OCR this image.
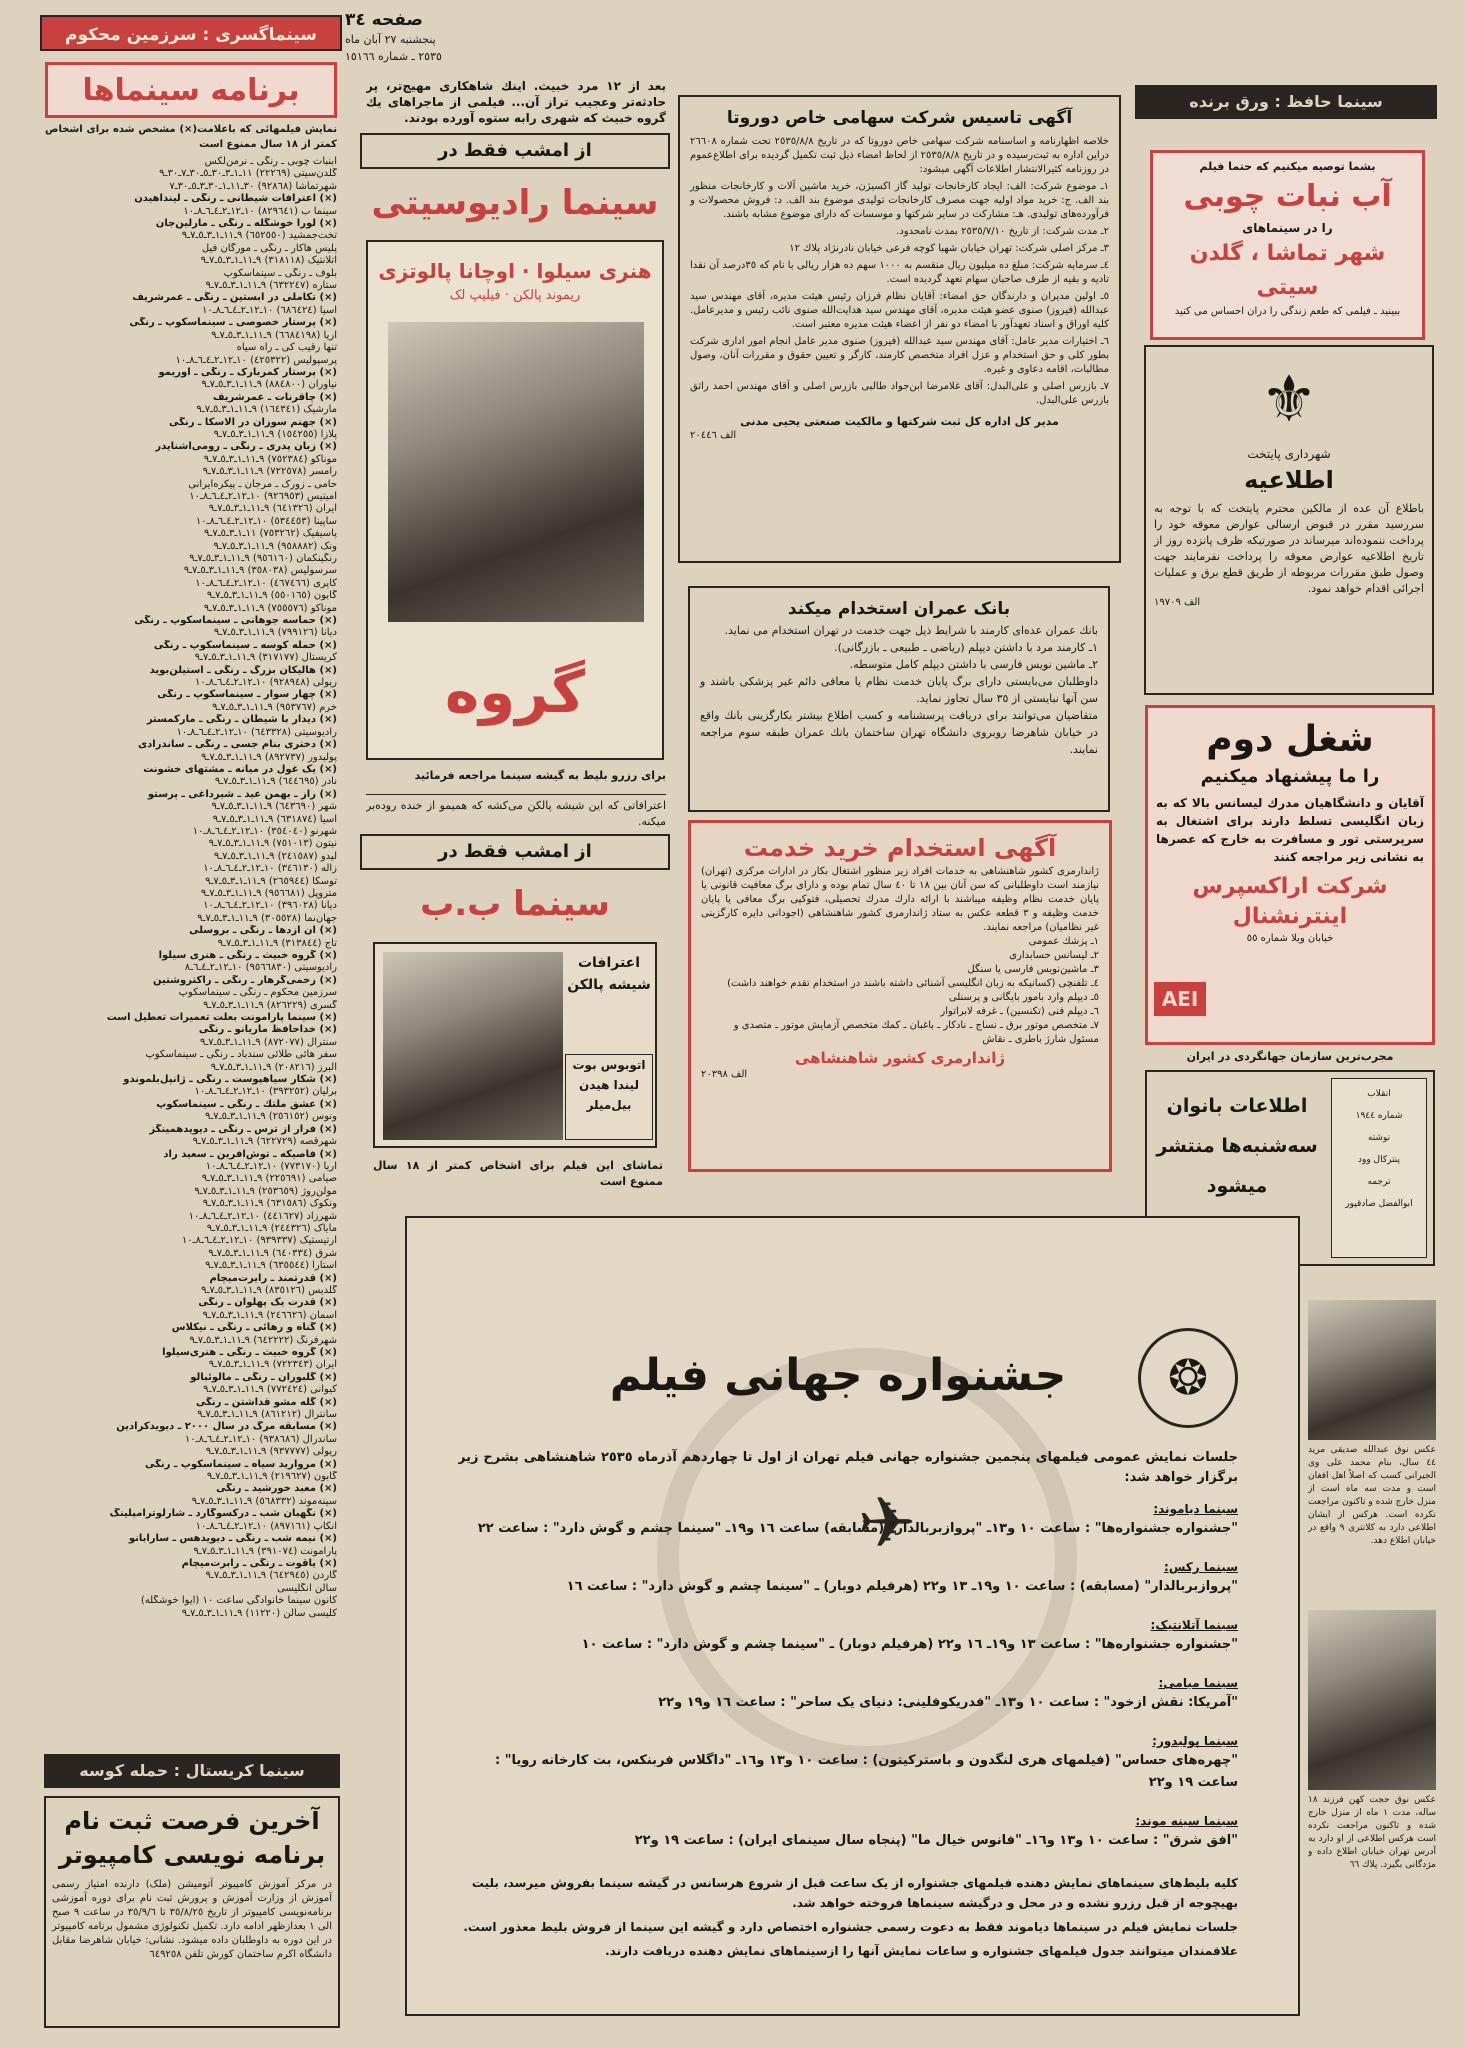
سینماگسری : سرزمین محکوم
برنامه سینماها
نمایش فیلمهائی که باعلامت(×) مشخص شده برای اشخاص کمتر از ١٨ سال ممنوع است
آبنبات چوبی ـ رنگی ـ نرمن‌لکس
گلدن‌سیتی (٢٢٢٦٩) ١١ـ١ـ٣ـ٣٠ـ٥ـ٣٠ـ٧ـ٣٠ـ٩
شهرتماشا (٩٢٨٦٨) ٣٠ـ١١ـ١ـ٣٠ـ٣ـ٥ـ٣٠ـ٧
(×) اعترافات شیطانی ـ رنگی ـ لینداهیدن
سینما ب (٨٢٩٦٤١) ١٠ـ١٢ـ٢ـ٤ـ٦ـ٨ـ١٠
(×) لورا خوشگله ـ رنگی ـ مارلین‌جان
تخت‌جمشید (٦٥٢٥٥٠) ٩ـ١١ـ١ـ٣ـ٥ـ٧ـ٩
پلیس هاکار ـ رنگی ـ مورگان فیل
آتلانتیک (٣١٨١١٨) ٩ـ١١ـ١ـ٣ـ٥ـ٧ـ٩
بلوف ـ رنگی ـ سینماسکوپ
ستاره (٦٣٢٢٤٧) ٩ـ١١ـ١ـ٣ـ٥ـ٧ـ٩
(×) تکاملی در ابستین ـ رنگی ـ عمرشریف
آسیا (٦٨٦٤٢٤) ١٠ـ١٢ـ٢ـ٤ـ٦ـ٨ـ١٠
(×) پرستار خصوصی ـ سینماسکوپ ـ رنگی
آریا (٦٦٨٤١٩٨) ٩ـ١١ـ١ـ٣ـ٥ـ٧ـ٩
تنها رقیب کی ـ راه سیاه
پرسپولیس (٤٢٥٣٢٢) ١٠ـ١٢ـ٢ـ٤ـ٦ـ٨ـ١٠
(×) پرستار کمربارک ـ رنگی ـ اوریمو
نیاوران (٨٨٤٨٠٠) ٩ـ١١ـ١ـ٣ـ٥ـ٧ـ٩
(×) چاقرنات ـ عمرشریف
مارشیک (١٦٤٣٤١) ٩ـ١١ـ١ـ٣ـ٥ـ٧ـ٩
(×) جهنم سوزان در آلاسکا ـ رنگی
پلازا (١٥٤٢٥٥) ٩ـ١١ـ١ـ٣ـ٥ـ٧ـ٩
(×) زبان پدری ـ رنگی ـ رومی‌اشنایدر
موناکو (٧٥٢٣٨٤) ٩ـ١١ـ١ـ٣ـ٥ـ٧ـ٩
رامسر (٧٢٢٥٧٨) ٩ـ١١ـ١ـ٣ـ٥ـ٧ـ٩
حامی ـ زورک ـ مرجان ـ پیکره‌ایرانی
آمیتیس (٩٢٦٩٥٣) ١٠ـ١٢ـ٢ـ٤ـ٦ـ٨ـ١٠
ایران (٦٤١٣٢٦) ٩ـ١١ـ١ـ٣ـ٥ـ٧ـ٩
ساپینا (٥٣٤٤٥٣) ١٠ـ١٢ـ٢ـ٤ـ٦ـ٨ـ١٠
پاسیفیک (٧٥٣٢٦٢) ١١ـ١ـ٣ـ٥ـ٧ـ٩
ونک (٩٥٨٨٨٢) ٩ـ١١ـ١ـ٣ـ٥ـ٧ـ٩
رنگینکمان (٩٥٦١٦٠) ٩ـ١١ـ١ـ٣ـ٥ـ٧ـ٩
سرسولیس (٣٥٨٠٣٨) ٩ـ١١ـ١ـ٣ـ٥ـ٧ـ٩
کاپری (٤٦٧٤٦٦) ١٠ـ١٢ـ٢ـ٤ـ٦ـ٨ـ١٠
گابون (٥٥٠١٦٥) ٩ـ١١ـ١ـ٣ـ٥ـ٧ـ٩
موناکو (٧٥٥٥٧٦) ٩ـ١١ـ١ـ٣ـ٥ـ٧ـ٩
(×) حماسه جوهانی ـ سینماسکوپ ـ رنگی
دیانا (٧٩٩١٢٦) ٩ـ١١ـ١ـ٣ـ٥ـ٧ـ٩
(×) حمله کوسه ـ سینماسکوپ ـ رنگی
کریستال (٣١٧١٧٧) ٩ـ١١ـ١ـ٣ـ٥ـ٧ـ٩
(×) هالیکان بزرگ ـ رنگی ـ استیلن‌بوید
ریولی (٩٢٨٩٤٨) ١٠ـ١٢ـ٢ـ٤ـ٦ـ٨ـ١٠
(×) چهار سوار ـ سینماسکوپ ـ رنگی
خرم (٩٥٣٧٦٧) ٩ـ١١ـ١ـ٣ـ٥ـ٧ـ٩
(×) دیدار با شیطان ـ رنگی ـ مارکمستر
رادیوسیتی (٦٤٣٣٢٨) ١٠ـ١٢ـ٢ـ٤ـ٦ـ٨ـ١٠
(×) دختری بنام جسی ـ رنگی ـ ساندرادی
پولیدور (٨٩٢٧٣٧) ٩ـ١١ـ١ـ٣ـ٥ـ٧ـ٩
(×) یک غول در میانه ـ مشتهای خشونت
نادر (٦٤٤٦٩٥) ٩ـ١١ـ١ـ٣ـ٥ـ٧ـ٩
(×) راز ـ بهمن عید ـ شیرداغی ـ پرستو
شهر (٦٤٣٦٩٠) ٩ـ١١ـ١ـ٣ـ٥ـ٧ـ٩
آسیا (٦٣١٨٧٤) ٩ـ١١ـ١ـ٣ـ٥ـ٧ـ٩
شهرنو (٣٥٤٠٤٠) ١٠ـ١٢ـ٢ـ٤ـ٦ـ٨ـ١٠
نیتون (٧٥١٠١٣) ٩ـ١١ـ١ـ٣ـ٥ـ٧ـ٩
لیدو (٢٤١٥٨٧) ٩ـ١١ـ١ـ٣ـ٥ـ٧ـ٩
زاله (٣٤٦١٣٠) ١٠ـ١٢ـ٢ـ٤ـ٦ـ٨ـ١٠
توسکا (٢٦٥٩٤٤) ٩ـ١١ـ١ـ٣ـ٥ـ٧ـ٩
متروپل (٩٥٦٦٨١) ٩ـ١١ـ١ـ٣ـ٥ـ٧ـ٩
دیانا (٣٩٦٠٢٨) ١٠ـ١٢ـ٢ـ٤ـ٦ـ٨ـ١٠
جهان‌نما (٣٠٥٥٢٨) ٩ـ١١ـ١ـ٣ـ٥ـ٧ـ٩
(×) آن ازدها ـ رنگی ـ بروسلی
تاج (٣١٣٨٤٤) ٩ـ١١ـ١ـ٣ـ٥ـ٧ـ٩
(×) گروه خبیث ـ رنگی ـ هنری سیلوا
رادیوسیتی (٩٥٦٦٨٣٠) ١٠ـ١٢ـ٢ـ٤ـ٦ـ٨
(×) زخمی‌گرهار ـ رنگی ـ راکتروشتین
سرزمین محکوم ـ رنگی ـ سینماسکوپ
گسری (٨٢٦٢٢٩) ٩ـ١١ـ١ـ٣ـ٥ـ٧ـ٩
(×) سینما پارامونت بعلت تعمیرات تعطیل است
(×) خداحافظ ماریانو ـ رنگی
سنترال (٨٧٢٠٧٧) ٩ـ١١ـ١ـ٣ـ٥ـ٧ـ٩
سفر هائی طلائی سندباد ـ رنگی ـ سینماسکوپ
البرز (٢٠٨٢١٦) ٩ـ١١ـ١ـ٣ـ٥ـ٧ـ٩
(×) شکار سیاهپوست ـ رنگی ـ ژانپل‌بلموندو
برلیان (٣٩٣٢٥٢) ١٠ـ١٢ـ٢ـ٤ـ٦ـ٨ـ١٠
(×) عشق ملتك ـ رنگی ـ سینماسکوپ
ونوس (٢٥٦١٥٢) ٩ـ١١ـ١ـ٣ـ٥ـ٧ـ٩
(×) فرار از ترس ـ رنگی ـ دیویدهمینگز
شهرقصه (٦٢٢٧٢٩) ٩ـ١١ـ١ـ٣ـ٥ـ٧ـ٩
(×) فاصیکه ـ توش‌آفرین ـ سعید راد
آریا (٧٧٣١٧٠) ١٠ـ١٢ـ٢ـ٤ـ٦ـ٨ـ١٠
صیامی (٢٢٥٦٩١) ٩ـ١١ـ١ـ٣ـ٥ـ٧ـ٩
مولن‌روژ (٢٥٣٦٥٩) ٩ـ١١ـ١ـ٣ـ٥ـ٧ـ٩
ونکوک (٦٣١٥٨٦) ٩ـ١١ـ١ـ٣ـ٥ـ٧ـ٩
شهرزاد (٤٤١٦٢٧) ١٠ـ١٢ـ٢ـ٤ـ٦ـ٨ـ١٠
مایاک (٢٤٤٣٢٦) ٩ـ١١ـ١ـ٣ـ٥ـ٧ـ٩
آرتیستیک (٩٣٩٣٣٧) ١٠ـ١٢ـ٢ـ٤ـ٦ـ٨ـ١٠
شرق (٦٤٠٣٣٤) ٩ـ١١ـ١ـ٣ـ٥ـ٧ـ٩
آستارا (٦٣٥٥٤٤) ٩ـ١١ـ١ـ٣ـ٥ـ٧ـ٩
(×) قدرتمند ـ رایرت‌میچام
گلدیس (٨٣٥١٢٦) ٩ـ١١ـ١ـ٣ـ٥ـ٧ـ٩
(×) قدرت یک پهلوان ـ رنگی
آسمان (٢٤٦٦٢٦) ٩ـ١١ـ١ـ٣ـ٥ـ٧ـ٩
(×) گناه و رهائی ـ رنگی ـ نیکلاس
شهرفرنگ (٦٤٢٢٢٢) ٩ـ١١ـ١ـ٣ـ٥ـ٧ـ٩
(×) گروه خبیث ـ رنگی ـ هنری‌سیلوا
ایران (٧٢٢٣٤٣) ٩ـ١١ـ١ـ٣ـ٥ـ٧ـ٩
(×) گلبوران ـ رنگی ـ مالوئبالو
کیوانی (٧٧٢٤٢٤) ٩ـ١١ـ١ـ٣ـ٥ـ٧ـ٩
(×) گله مشو قداشتن ـ رنگی
سانترال (٨٦١٢١٢) ٩ـ١١ـ١ـ٣ـ٥ـ٧ـ٩
(×) مسابقه مرگ در سال ٢٠٠٠ ـ دیویدکرادین
ساندرال (٩٣٨٦٨٦) ١٠ـ١٢ـ٢ـ٤ـ٦ـ٨ـ١٠
ریولی (٩٣٧٧٧٧) ٩ـ١١ـ١ـ٣ـ٥ـ٧ـ٩
(×) مروارید سیاه ـ سینماسکوپ ـ رنگی
گابون (٢١٩٦٢٧) ٩ـ١١ـ١ـ٣ـ٥ـ٧ـ٩
(×) معبد خورشید ـ رنگی
سینه‌موند (٥٦٨٣٣٢) ٩ـ١١ـ١ـ٣ـ٥ـ٧ـ٩
(×) نگهبان شب ـ درکسوگارد ـ شارلوترامپلینگ
آنکاپ (٨٩٧١٦١) ١٠ـ١٢ـ٢ـ٤ـ٦ـ٨ـ١٠
(×) نیمه شب ـ رنگی ـ دیوید‌هس ـ سارابانو
پارامونت (٣٩١٠٧٤) ٩ـ١١ـ١ـ٣ـ٥ـ٧ـ٩
(×) یاقوت ـ رنگی ـ رابرت‌میچام
گاردن (٦٤٢٩٤٥) ٩ـ١١ـ١ـ٣ـ٥ـ٧ـ٩
سالن انگلیسی
کانون سینما خانوادگی ساعت ١٠ (ایوا خوشگله)
کلیسی سالن (١١٢٢٠) ٩ـ١١ـ١ـ٣ـ٥ـ٧ـ٩
سینما کریستال : حمله کوسه
آخرین فرصت ثبت نام
برنامه نویسی کامپیوتر
در مرکز آموزش کامپیوتر آتومیشن (ملک) دارنده امتیاز رسمی آموزش از وزارت آموزش و پرورش ثبت نام برای دوره آموزشی برنامه‌نویسی کامپیوتر از تاریخ ٣٥/٨/٢٥ تا ٣٥/٩/٦ در ساعت ٩ صبح الی ١ بعدازظهر ادامه دارد. تکمیل تکنولوژی مشمول برنامه کامپیوتر در این دوره به داوطلبان داده میشود. نشانی: خیابان شاهرضا مقابل دانشگاه اکرم ساختمان کورش تلفن ٦٤٩٢٥٨
صفحه ٣٤
پنجشنبه ٢٧ آبان ماه
٢٥٣٥ ـ شماره ١٥١٦٦
بعد از ١٢ مرد خبیث. اینك شاهکاری مهیج‌تر، پر حادثه‌تر وعجیب تراز آن... فیلمی از ماجراهای یك گروه خبیث که شهری رابه ستوه آورده بودند.
از امشب فقط در
سینما رادیوسیتی
هنری سیلوا · اوچانا پالوتزی
ریموند پالکن · فیلیپ لک
گروه
برای رزرو بلیط به گیشه سینما مراجعه فرمائید
اعترافاتی که این شیشه پالکن می‌کشه که همیمو از خنده روده‌بر میکنه.
از امشب فقط در
سینما ب.ب
اعترافات شیشه پالکن
اتوبوس بوت لیندا هیدن بیل‌میلر
تماشای این فیلم برای اشخاص کمتر از ١٨ سال ممنوع است
آگهی تاسیس شرکت سهامی خاص دوروتا
خلاصه اظهارنامه و اساسنامه شرکت سهامی خاص دوروتا که در تاریخ ٢٥٣٥/٨/٨ تحت شماره ٢٦٦٠٨ دراین اداره به ثبت‌رسیده و در تاریخ ٢٥٣٥/٨/٨ از لحاظ امضاء ذیل ثبت تکمیل گردیده برای اطلاع‌عموم در روزنامه کثیرالانتشار اطلاعات آگهی میشود:
١ـ موضوع شرکت: الف: ایجاد کارخانجات تولید گاز اکسیژن، خرید ماشین آلات و کارخانجات منظور بند الف. ج: خرید مواد اولیه جهت مصرف کارخانجات تولیدی موضوع بند الف. د: فروش محصولات و فرآورده‌های تولیدی. هـ: مشارکت در سایر شرکتها و موسسات که دارای موضوع مشابه باشند.
٢ـ مدت شرکت: از تاریخ ٢٥٣٥/٧/١٠ بمدت نامحدود.
٣ـ مرکز اصلی شرکت: تهران خیابان شهبا کوچه فرعی خیابان نادرنژاد پلاك ١٢
٤ـ سرمایه شرکت: مبلغ ده میلیون ریال منقسم به ١٠٠٠ سهم ده هزار ریالی با نام که ٣٥درصد آن نقدا تادیه و بقیه از طرف صاحبان سهام تعهد گردیده است.
٥ـ اولین مدیران و دارندگان حق امضاء: آقایان نظام فرزان رئیس هیئت مدیره، آقای مهندس سید عبدالله (فیروز) صنوی عضو هیئت مدیره، آقای مهندس سید هدایت‌الله صنوی نائب رئیس و مدیرعامل. کلیه اوراق و اسناد تعهدآور با امضاء دو نفر از اعضاء هیئت مدیره معتبر است.
٦ـ اختیارات مدیر عامل: آقای مهندس سید عبدالله (فیروز) صنوی مدیر عامل انجام امور اداری شرکت بطور کلی و حق استخدام و عزل افراد متخصص کارمند، کارگر و تعیین حقوق و مقررات آنان، وصول مطالبات، اقامه دعاوی و غیره.
٧ـ بازرس اصلی و علی‌البدل: آقای غلامرضا ابن‌جواد طالبی بازرس اصلی و آقای مهندس احمد راثق بازرس علی‌البدل.
مدیر کل اداره کل ثبت شرکتها و مالکیت صنعتی یحیی مدنی
الف ٢٠٤٤٦
بانک عمران استخدام میکند
بانك عمران عده‌ای کارمند با شرایط ذیل جهت خدمت در تهران استخدام می نماید.
١ـ کارمند مرد با داشتن دیپلم (ریاضی ـ طبیعی ـ بازرگانی).
٢ـ ماشین نویس فارسی با داشتن دیپلم کامل متوسطه.
داوطلبان می‌بایستی دارای برگ پایان خدمت نظام یا معافی دائم غیر پزشکی باشند و سن آنها نبایستی از ٣٥ سال تجاوز نماید.
متقاضیان می‌توانند برای دریافت پرسشنامه و کسب اطلاع بیشتر بکارگزینی بانك واقع در خیابان شاهرضا روبروی دانشگاه تهران ساختمان بانك عمران طبقه سوم مراجعه نمایند.
آگهی استخدام خرید خدمت
ژاندارمری کشور شاهنشاهی به خدمات افراد زیر منظور اشتغال بکار در ادارات مرکزی (تهران) نیازمند است داوطلبانی که سن آنان بین ١٨ تا ٤٠ سال تمام بوده و دارای برگ معافیت قانونی یا پایان خدمت نظام وظیفه میباشند با ارائه دارك مدرك تحصیلی، فتوکپی برگ معافی یا پایان خدمت وظیفه و ٣ قطعه عکس به ستاد ژاندارمری کشور شاهنشاهی (اجودانی دایره کارگزینی غیر نظامیان) مراجعه نمایند.
١ـ پزشك عمومی
٢ـ لیسانس حسابداری
٣ـ ماشین‌نویس فارسی یا سنگل
٤ـ تلفنچی (کسانیکه به زبان انگلیسی آشنائی داشته باشند در استخدام تقدم خواهند داشت)
٥ـ دیپلم وارد بامور بایگانی و پرسنلی
٦ـ دیپلم فنی (تکنسین) ـ غرفه لابراتوار
٧ـ متخصص موتور برق ـ نساج ـ نادکار ـ باغبان ـ کمك متخصص آزمایش موتور ـ متصدی و مسئول شارژ باطری ـ نقاش
ژاندارمری کشور شاهنشاهی
الف ٢٠٣٩٨
سینما حافظ : ورق برنده
بشما توصیه میکنیم که حتما فیلم
آب نبات چوبی
را در سینماهای
شهر تماشا ، گلدن سیتی
ببینید ـ فیلمی که طعم زندگی را دران احساس می کنید
⚜
شهرداری پایتخت
اطلاعیه
باطلاع آن عده از مالکین محترم پایتخت که با توجه به سررسید مقرر در قبوض ارسالی عوارض معوقه خود را پرداخت ننموده‌اند میرساند در صورتیکه ظرف پانزده روز از تاریخ اطلاعیه عوارض معوقه را پرداخت نفرمایند جهت وصول طبق مقررات مربوطه از طریق قطع برق و عملیات اجرائی اقدام خواهد نمود.
الف ١٩٧٠٩
شغل دوم
را ما پیشنهاد میکنیم
آقایان و دانشگاهیان مدرك لیسانس بالا که به زبان انگلیسی تسلط دارند برای اشتغال به سرپرستی تور و مسافرت به خارج که عصرها به نشانی زیر مراجعه کنند
شرکت اراکسپرس
اینترنشنال
خیابان ویلا شماره ٥٥
AEI
مجرب‌ترین سازمان جهانگردی در ایران
اطلاعات بانوان
سه‌شنبه‌ها منتشر
میشود
انقلاب
شماره ١٩٤٤
نوشته
پنترکال وود
ترجمه
ابوالفضل صادقپور
عکس نوق عبدالله صدیقی مرید ٤٤ سال، بنام محمد علی وی الجیرانی کسب که اصلاً اهل افغان است و مدت سه ماه است از منزل خارج شده و تاکنون مراجعت نکرده است. هرکس از ایشان اطلاعی دارد به کلانتری ٩ واقع در خیابان اطلاع دهد.
عکس نوق حجت کهن فرزند ١٨ ساله، مدت ١ ماه از منزل خارج شده و تاکنون مراجعت نکرده است هرکس اطلاعی از او دارد به آدرس تهران خیابان اطلاع داده و مژدگانی بگیرد. پلاك ٦٦
❂
جشنواره جهانی فیلم
جلسات نمایش عمومی فیلمهای پنجمین جشنواره جهانی فیلم تهران از اول تا چهاردهم آذرماه ٢٥٣٥ شاهنشاهی بشرح زیر برگزار خواهد شد:
✈	سینما دیاموند:
"جشنواره جشنواره‌ها" : ساعت ١٠ و١٣ـ "پروازبربالدار" (مسابقه) ساعت ١٦ و١٩ـ "سینما چشم و گوش دارد" : ساعت ٢٢
سینما رکس:
"پروازبربالدار" (مسابقه) : ساعت ١٠ و١٩ـ ١٣ و٢٢ (هرفیلم دوبار) ـ "سینما چشم و گوش دارد" : ساعت ١٦
سینما آتلانتیک:
"جشنواره جشنواره‌ها" : ساعت ١٣ و١٩ـ ١٦ و٢٢ (هرفیلم دوبار) ـ "سینما چشم و گوش دارد" : ساعت ١٠
سینما میامی:
"آمریکا: نقش ازخود" : ساعت ١٠ و١٣ـ "فدریکوفلینی: دنیای یک ساحر" : ساعت ١٦ و١٩ و٢٢
سینما پولیدور:
"چهره‌های حساس" (فیلمهای هری لنگدون و باسترکیتون) : ساعت ١٠ و١٣ و١٦ـ "داگلاس فربنکس، بت کارخانه رویا" : ساعت ١٩ و٢٢
سینما سینه موند:
"افق شرق" : ساعت ١٠ و١٣ و١٦ـ "فانوس خیال ما" (پنجاه سال سینمای ایران) : ساعت ١٩ و٢٢
کلیه بلیط‌های سینماهای نمایش دهنده فیلمهای جشنواره از یک ساعت قبل از شروع هرسانس در گیشه سینما بفروش میرسد، بلیت بهیچوجه از قبل رزرو نشده و در محل و درگیشه سینماها فروخته خواهد شد.
جلسات نمایش فیلم در سینماها دیاموند فقط به دعوت رسمی جشنواره اختصاص دارد و گیشه این سینما از فروش بلیط معذور است.
علاقمندان میتوانند جدول فیلمهای جشنواره و ساعات نمایش آنها را ازسینماهای نمایش دهنده دریافت دارند.
